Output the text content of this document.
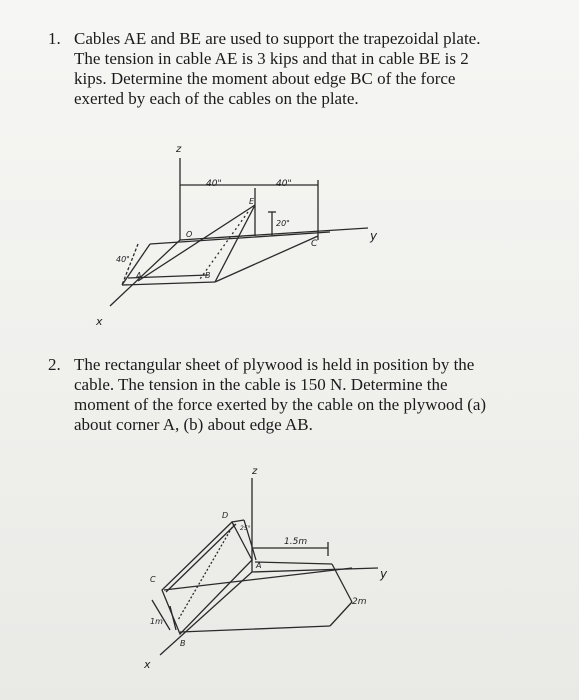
1. Cables AE and BE are used to support the trapezoidal plate.
The tension in cable AE is 3 kips and that in cable BE is 2
kips. Determine the moment about edge BC of the force
exerted by each of the cables on the plate.
z
y
x
40"	40"
20"
40"
O
E
C
A	B
2. The rectangular sheet of plywood is held in position by the
cable. The tension in the cable is 150 N. Determine the
moment of the force exerted by the cable on the plywood (a)
about corner A, (b) about edge AB.
z
y
x
D
25°
A
C
B
1.5m
2m
1m
